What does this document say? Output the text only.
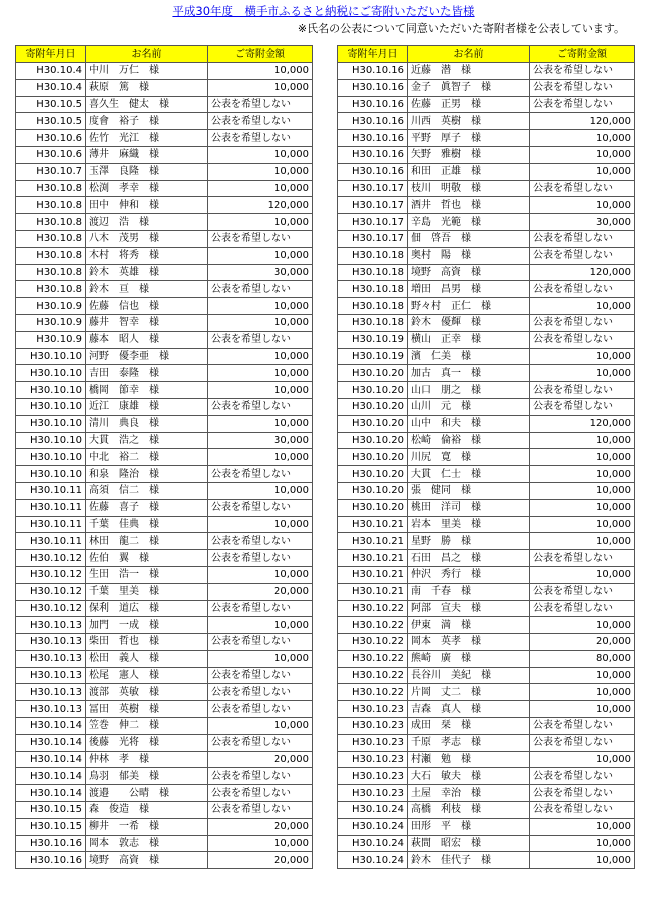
平成30年度　横手市ふるさと納税にご寄附いただいた皆様
※氏名の公表について同意いただいた寄附者様を公表しています。
寄附年月日	お名前	ご寄附金額
H30.10.4	中川　万仁　様	10,000
H30.10.4	萩原　篤　様	10,000
H30.10.5	喜久生　健太　様	公表を希望しない
H30.10.5	度會　裕子　様	公表を希望しない
H30.10.6	佐竹　光江　様	公表を希望しない
H30.10.6	薄井　麻織　様	10,000
H30.10.7	玉澤　良隆　様	10,000
H30.10.8	松渕　孝幸　様	10,000
H30.10.8	田中　伸和　様	120,000
H30.10.8	渡辺　浩　様	10,000
H30.10.8	八木　茂男　様	公表を希望しない
H30.10.8	木村　将秀　様	10,000
H30.10.8	鈴木　英雄　様	30,000
H30.10.8	鈴木　亘　様	公表を希望しない
H30.10.9	佐藤　信也　様	10,000
H30.10.9	藤井　智幸　様	10,000
H30.10.9	藤本　昭人　様	公表を希望しない
H30.10.10	河野　優李亜　様	10,000
H30.10.10	吉田　泰隆　様	10,000
H30.10.10	橋岡　節幸　様	10,000
H30.10.10	近江　康雄　様	公表を希望しない
H30.10.10	清川　典良　様	10,000
H30.10.10	大貫　浩之　様	30,000
H30.10.10	中北　裕二　様	10,000
H30.10.10	和泉　隆治　様	公表を希望しない
H30.10.11	高須　信二　様	10,000
H30.10.11	佐藤　喜子　様	公表を希望しない
H30.10.11	千葉　佳典　様	10,000
H30.10.11	林田　龍二　様	公表を希望しない
H30.10.12	佐伯　翼　様	公表を希望しない
H30.10.12	生田　浩一　様	10,000
H30.10.12	千葉　里美　様	20,000
H30.10.12	保利　道広　様	公表を希望しない
H30.10.13	加門　一成　様	10,000
H30.10.13	柴田　哲也　様	公表を希望しない
H30.10.13	松田　義人　様	10,000
H30.10.13	松尾　憲人　様	公表を希望しない
H30.10.13	渡部　英敏　様	公表を希望しない
H30.10.13	冨田　英樹　様	公表を希望しない
H30.10.14	笠巻　伸二　様	10,000
H30.10.14	後藤　光将　様	公表を希望しない
H30.10.14	仲林　孝　様	20,000
H30.10.14	鳥羽　郁美　様	公表を希望しない
H30.10.14	渡邉　　公晴　様	公表を希望しない
H30.10.15	森　俊造　様	公表を希望しない
H30.10.15	柳井　一希　様	20,000
H30.10.16	岡本　敦志　様	10,000
H30.10.16	境野　高資　様	20,000
寄附年月日	お名前	ご寄附金額
H30.10.16	近藤　潜　様	公表を希望しない
H30.10.16	金子　眞智子　様	公表を希望しない
H30.10.16	佐藤　正男　様	公表を希望しない
H30.10.16	川西　英樹　様	120,000
H30.10.16	平野　厚子　様	10,000
H30.10.16	矢野　雅樹　様	10,000
H30.10.16	和田　正雄　様	10,000
H30.10.17	枝川　明敬　様	公表を希望しない
H30.10.17	酒井　哲也　様	10,000
H30.10.17	辛島　光範　様	30,000
H30.10.17	佃　啓吾　様	公表を希望しない
H30.10.18	奥村　陽　様	公表を希望しない
H30.10.18	境野　高資　様	120,000
H30.10.18	増田　昌男　様	公表を希望しない
H30.10.18	野々村　正仁　様	10,000
H30.10.18	鈴木　優輝　様	公表を希望しない
H30.10.19	横山　正幸　様	公表を希望しない
H30.10.19	濱　仁美　様	10,000
H30.10.20	加古　真一　様	10,000
H30.10.20	山口　朋之　様	公表を希望しない
H30.10.20	山川　元　様	公表を希望しない
H30.10.20	山中　和夫　様	120,000
H30.10.20	松崎　倫裕　様	10,000
H30.10.20	川尻　寛　様	10,000
H30.10.20	大貫　仁士　様	10,000
H30.10.20	張　健同　様	10,000
H30.10.20	桃田　洋司　様	10,000
H30.10.21	岩本　里美　様	10,000
H30.10.21	星野　勝　様	10,000
H30.10.21	石田　昌之　様	公表を希望しない
H30.10.21	仲沢　秀行　様	10,000
H30.10.21	南　千春　様	公表を希望しない
H30.10.22	阿部　宣夫　様	公表を希望しない
H30.10.22	伊東　満　様	10,000
H30.10.22	岡本　英孝　様	20,000
H30.10.22	熊崎　廣　様	80,000
H30.10.22	長谷川　美紀　様	10,000
H30.10.22	片岡　丈二　様	10,000
H30.10.23	吉森　真人　様	10,000
H30.10.23	成田　栞　様	公表を希望しない
H30.10.23	千原　孝志　様	公表を希望しない
H30.10.23	村瀬　勉　様	10,000
H30.10.23	大石　敏夫　様	公表を希望しない
H30.10.23	土屋　幸治　様	公表を希望しない
H30.10.24	高橋　利枝　様	公表を希望しない
H30.10.24	田形　平　様	10,000
H30.10.24	萩間　昭宏　様	10,000
H30.10.24	鈴木　佳代子　様	10,000
